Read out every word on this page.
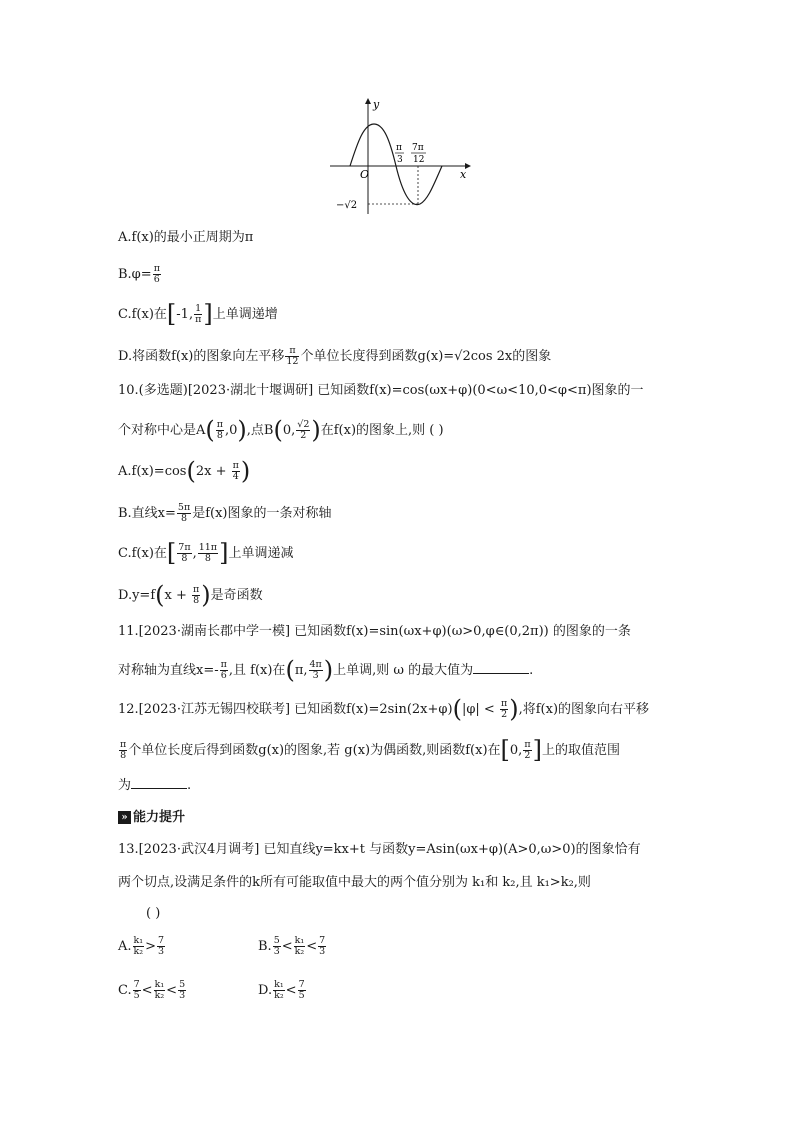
O	x
y
π
3
7π
12
−√2
A.f(x)的最小正周期为π
$B.\varphi= \frac{\pi}{6}$
C.f(x)在[-1, $\frac{1}{\pi}$ ]上单调递增
D.将函数f(x)的图象向左平移 $\frac{\pi}{12}$ 个单位长度得到函数g(x)=√2cos 2x的图象
10.(多选题)[2023·湖北十堰调研] 已知函数f(x)=cos(ωx+φ)(0<ω<10,0<φ<π)图象的一
个对称中心是$A( \frac{\pi}{8} ,0)$,点B(0, $\frac{√2}{2}$ )在f(x)的图象上,则 ( )
$A.f(x)=\cos(2x + \frac{\pi}{4}$ )
B.直线$x= \frac{5\pi}{8}$ 是f(x)图象的一条对称轴
C.f(x)在[ $\frac{7\pi}{8}$ , $\frac{11\pi}{8}$ ]上单调递减
$D.y=f(x + \frac{\pi}{8}$ )是奇函数
11.[2023·湖南长郡中学一模] 已知函数f(x)=sin(ωx+φ)(ω>0,φ∈(0,2π)) 的图象的一条
对称轴为直线$x=- \frac{\pi}{6}$ ,且 f(x)在(π, $\frac{4\pi}{3}$ )上单调,则 ω 的最大值为	.
12.[2023·江苏无锡四校联考] 已知函数$f(x)=2\sin(2x+\varphi)(|\varphi| < \frac{\pi}{2}$ ),将f(x)的图象向右平移
$\frac{\pi}{8}$ 个单位长度后得到函数g(x)的图象,若 g(x)为偶函数,则函数f(x)在[0, $\frac{\pi}{2}$ ]上的取值范围
为	.
» 能力提升
13.[2023·武汉4月调考] 已知直线y=kx+t 与函数y=Asin(ωx+φ)(A>0,ω>0)的图象恰有
两个切点,设满足条件的k所有可能取值中最大的两个值分别为 k₁和 k₂,且 k₁>k₂,则
( )
A. $\frac{\text{k₁}}{\text{k₂}} > \frac{7}{3}$	B. $\frac{5}{3} < \frac{\text{k₁}}{\text{k₂}} < \frac{7}{3}$
C. $\frac{7}{5} < \frac{\text{k₁}}{\text{k₂}} < \frac{5}{3}$	D. $\frac{\text{k₁}}{\text{k₂}} < \frac{7}{5}$
